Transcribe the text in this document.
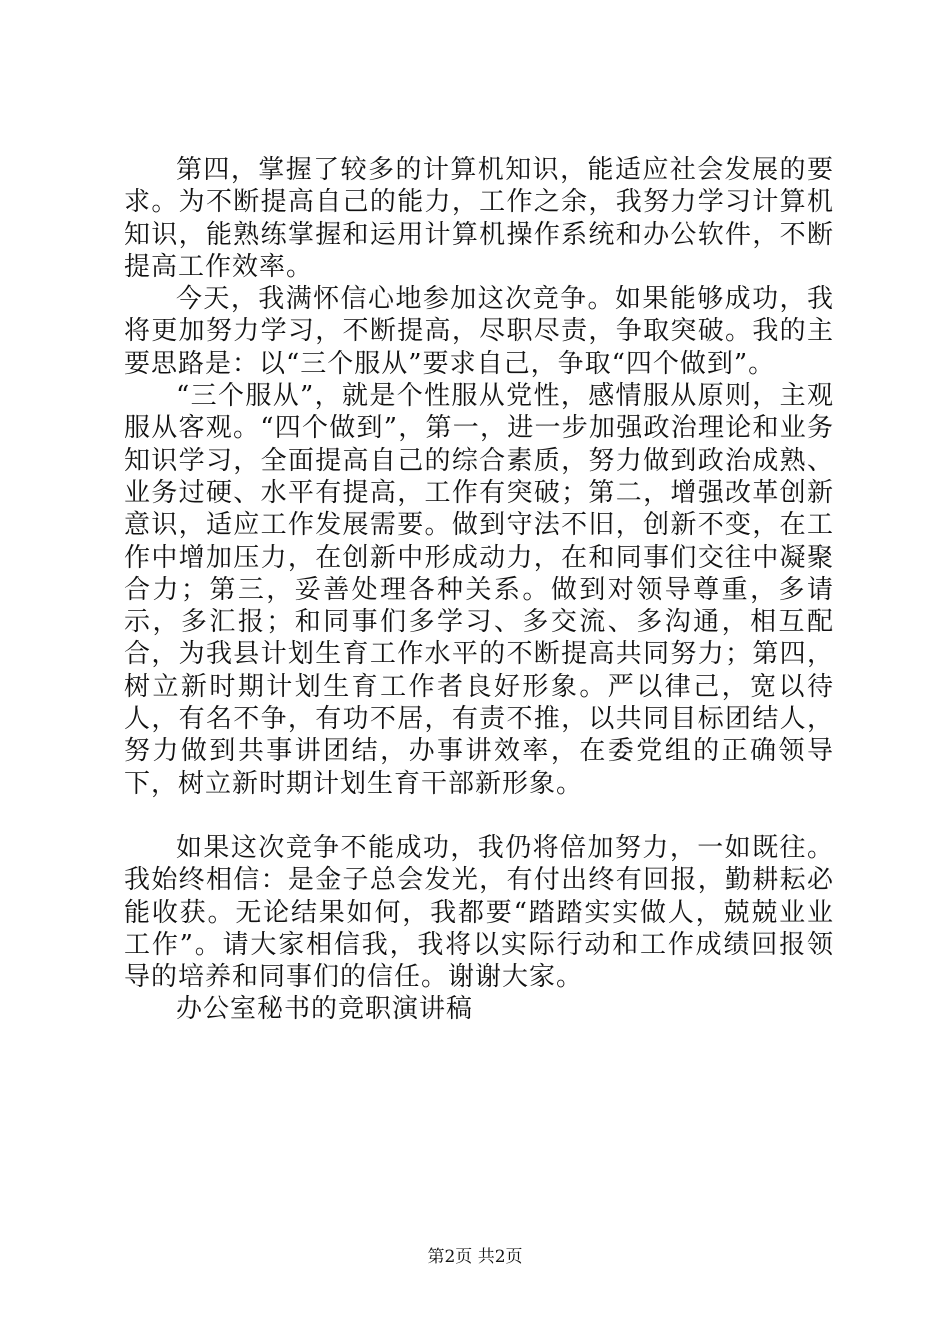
第四，掌握了较多的计算机知识，能适应社会发展的要求。为不断提高自己的能力，工作之余，我努力学习计算机知识，能熟练掌握和运用计算机操作系统和办公软件，不断提高工作效率。

今天，我满怀信心地参加这次竞争。如果能够成功，我将更加努力学习，不断提高，尽职尽责，争取突破。我的主要思路是：以“三个服从”要求自己，争取“四个做到”。

“三个服从”，就是个性服从党性，感情服从原则，主观服从客观。“四个做到”，第一，进一步加强政治理论和业务知识学习，全面提高自己的综合素质，努力做到政治成熟、业务过硬、水平有提高，工作有突破；第二，增强改革创新意识，适应工作发展需要。做到守法不旧，创新不变，在工作中增加压力，在创新中形成动力，在和同事们交往中凝聚合力；第三，妥善处理各种关系。做到对领导尊重，多请示，多汇报；和同事们多学习、多交流、多沟通，相互配合，为我县计划生育工作水平的不断提高共同努力；第四，树立新时期计划生育工作者良好形象。严以律己，宽以待人，有名不争，有功不居，有责不推，以共同目标团结人，努力做到共事讲团结，办事讲效率，在委党组的正确领导下，树立新时期计划生育干部新形象。

如果这次竞争不能成功，我仍将倍加努力，一如既往。我始终相信：是金子总会发光，有付出终有回报，勤耕耘必能收获。无论结果如何，我都要“踏踏实实做人，兢兢业业工作”。请大家相信我，我将以实际行动和工作成绩回报领导的培养和同事们的信任。谢谢大家。

办公室秘书的竞职演讲稿

第2页 共2页
